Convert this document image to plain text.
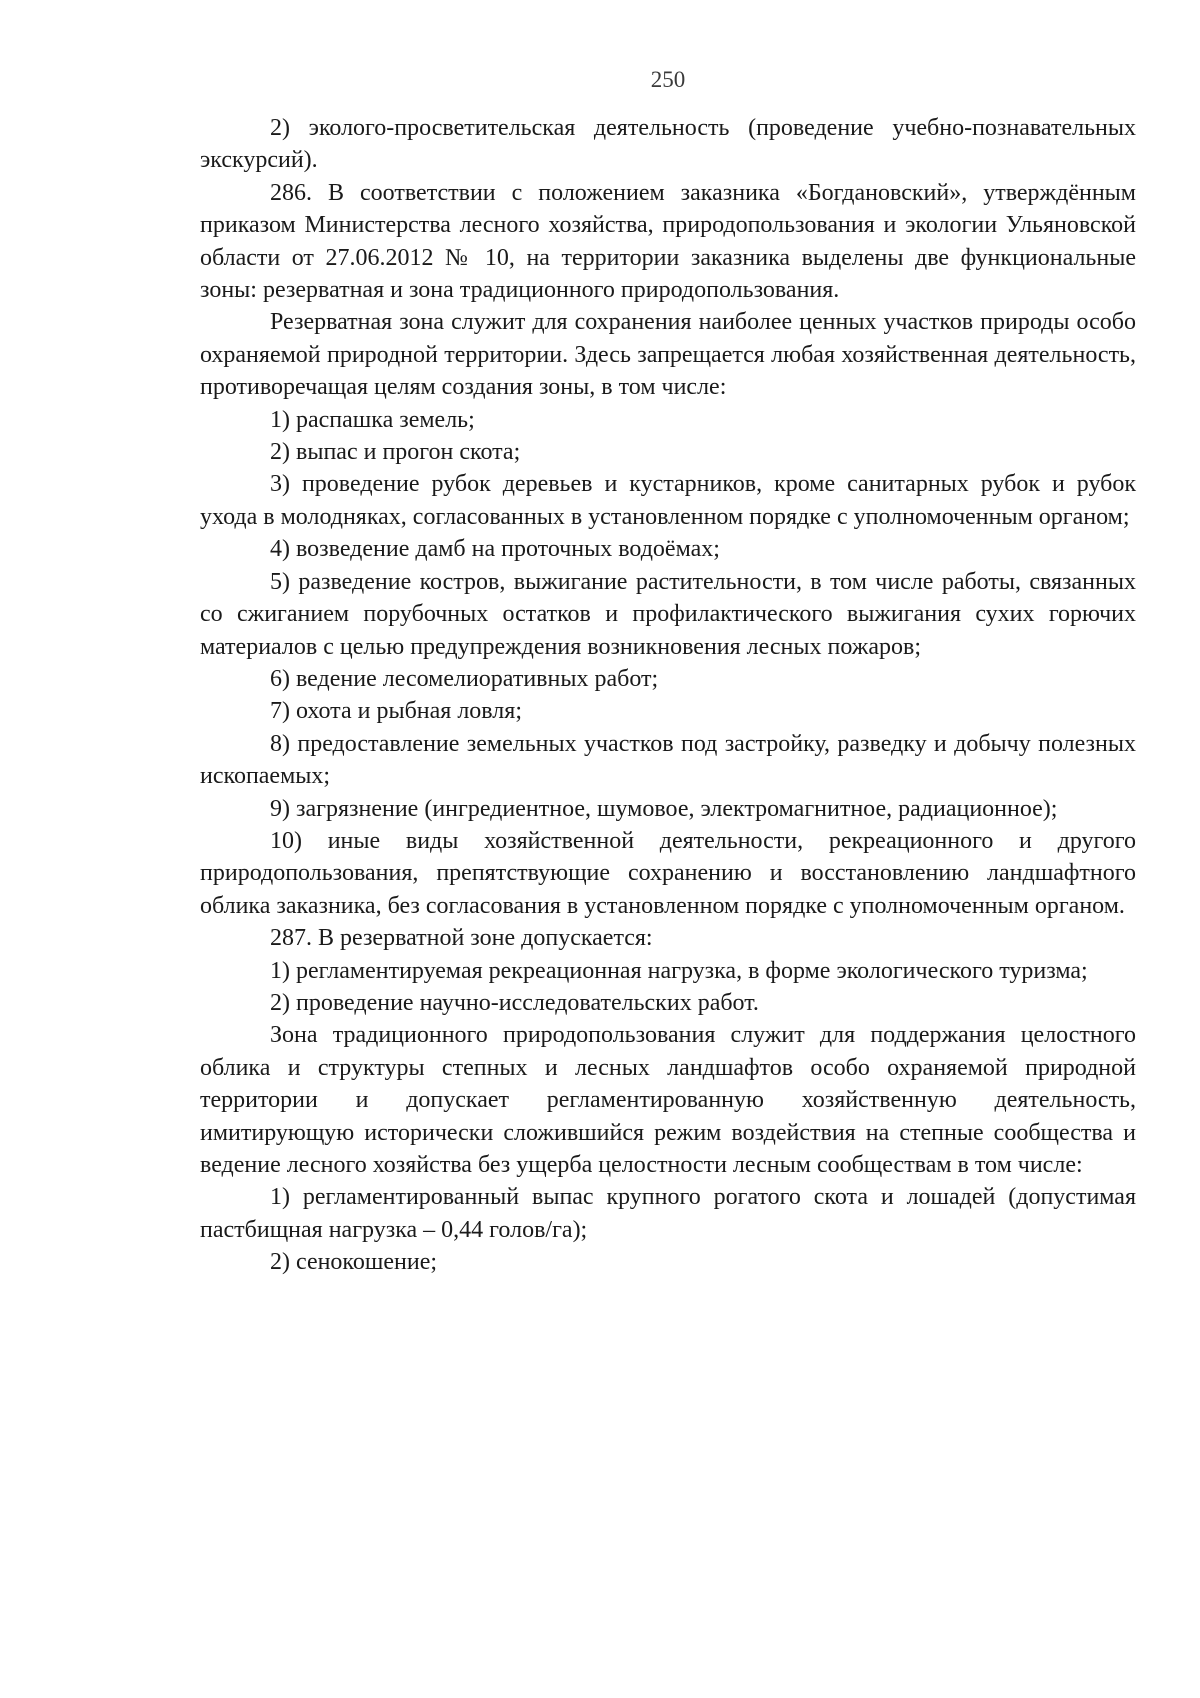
250

2) эколого-просветительская деятельность (проведение учебно-познавательных экскурсий).

286. В соответствии с положением заказника «Богдановский», утверждённым приказом Министерства лесного хозяйства, природопользования и экологии Ульяновской области от 27.06.2012 № 10, на территории заказника выделены две функциональные зоны: резерватная и зона традиционного природопользования.

Резерватная зона служит для сохранения наиболее ценных участков природы особо охраняемой природной территории. Здесь запрещается любая хозяйственная деятельность, противоречащая целям создания зоны, в том числе:

1) распашка земель;

2) выпас и прогон скота;

3) проведение рубок деревьев и кустарников, кроме санитарных рубок и рубок ухода в молодняках, согласованных в установленном порядке с уполномоченным органом;

4) возведение дамб на проточных водоёмах;

5) разведение костров, выжигание растительности, в том числе работы, связанных со сжиганием порубочных остатков и профилактического выжигания сухих горючих материалов с целью предупреждения возникновения лесных пожаров;

6) ведение лесомелиоративных работ;

7) охота и рыбная ловля;

8) предоставление земельных участков под застройку, разведку и добычу полезных ископаемых;

9) загрязнение (ингредиентное, шумовое, электромагнитное, радиационное);

10) иные виды хозяйственной деятельности, рекреационного и другого природопользования, препятствующие сохранению и восстановлению ландшафтного облика заказника, без согласования в установленном порядке с уполномоченным органом.

287. В резерватной зоне допускается:

1) регламентируемая рекреационная нагрузка, в форме экологического туризма;

2) проведение научно-исследовательских работ.

Зона традиционного природопользования служит для поддержания целостного облика и структуры степных и лесных ландшафтов особо охраняемой природной территории и допускает регламентированную хозяйственную деятельность, имитирующую исторически сложившийся режим воздействия на степные сообщества и ведение лесного хозяйства без ущерба целостности лесным сообществам в том числе:

1) регламентированный выпас крупного рогатого скота и лошадей (допустимая пастбищная нагрузка – 0,44 голов/га);

2) сенокошение;
